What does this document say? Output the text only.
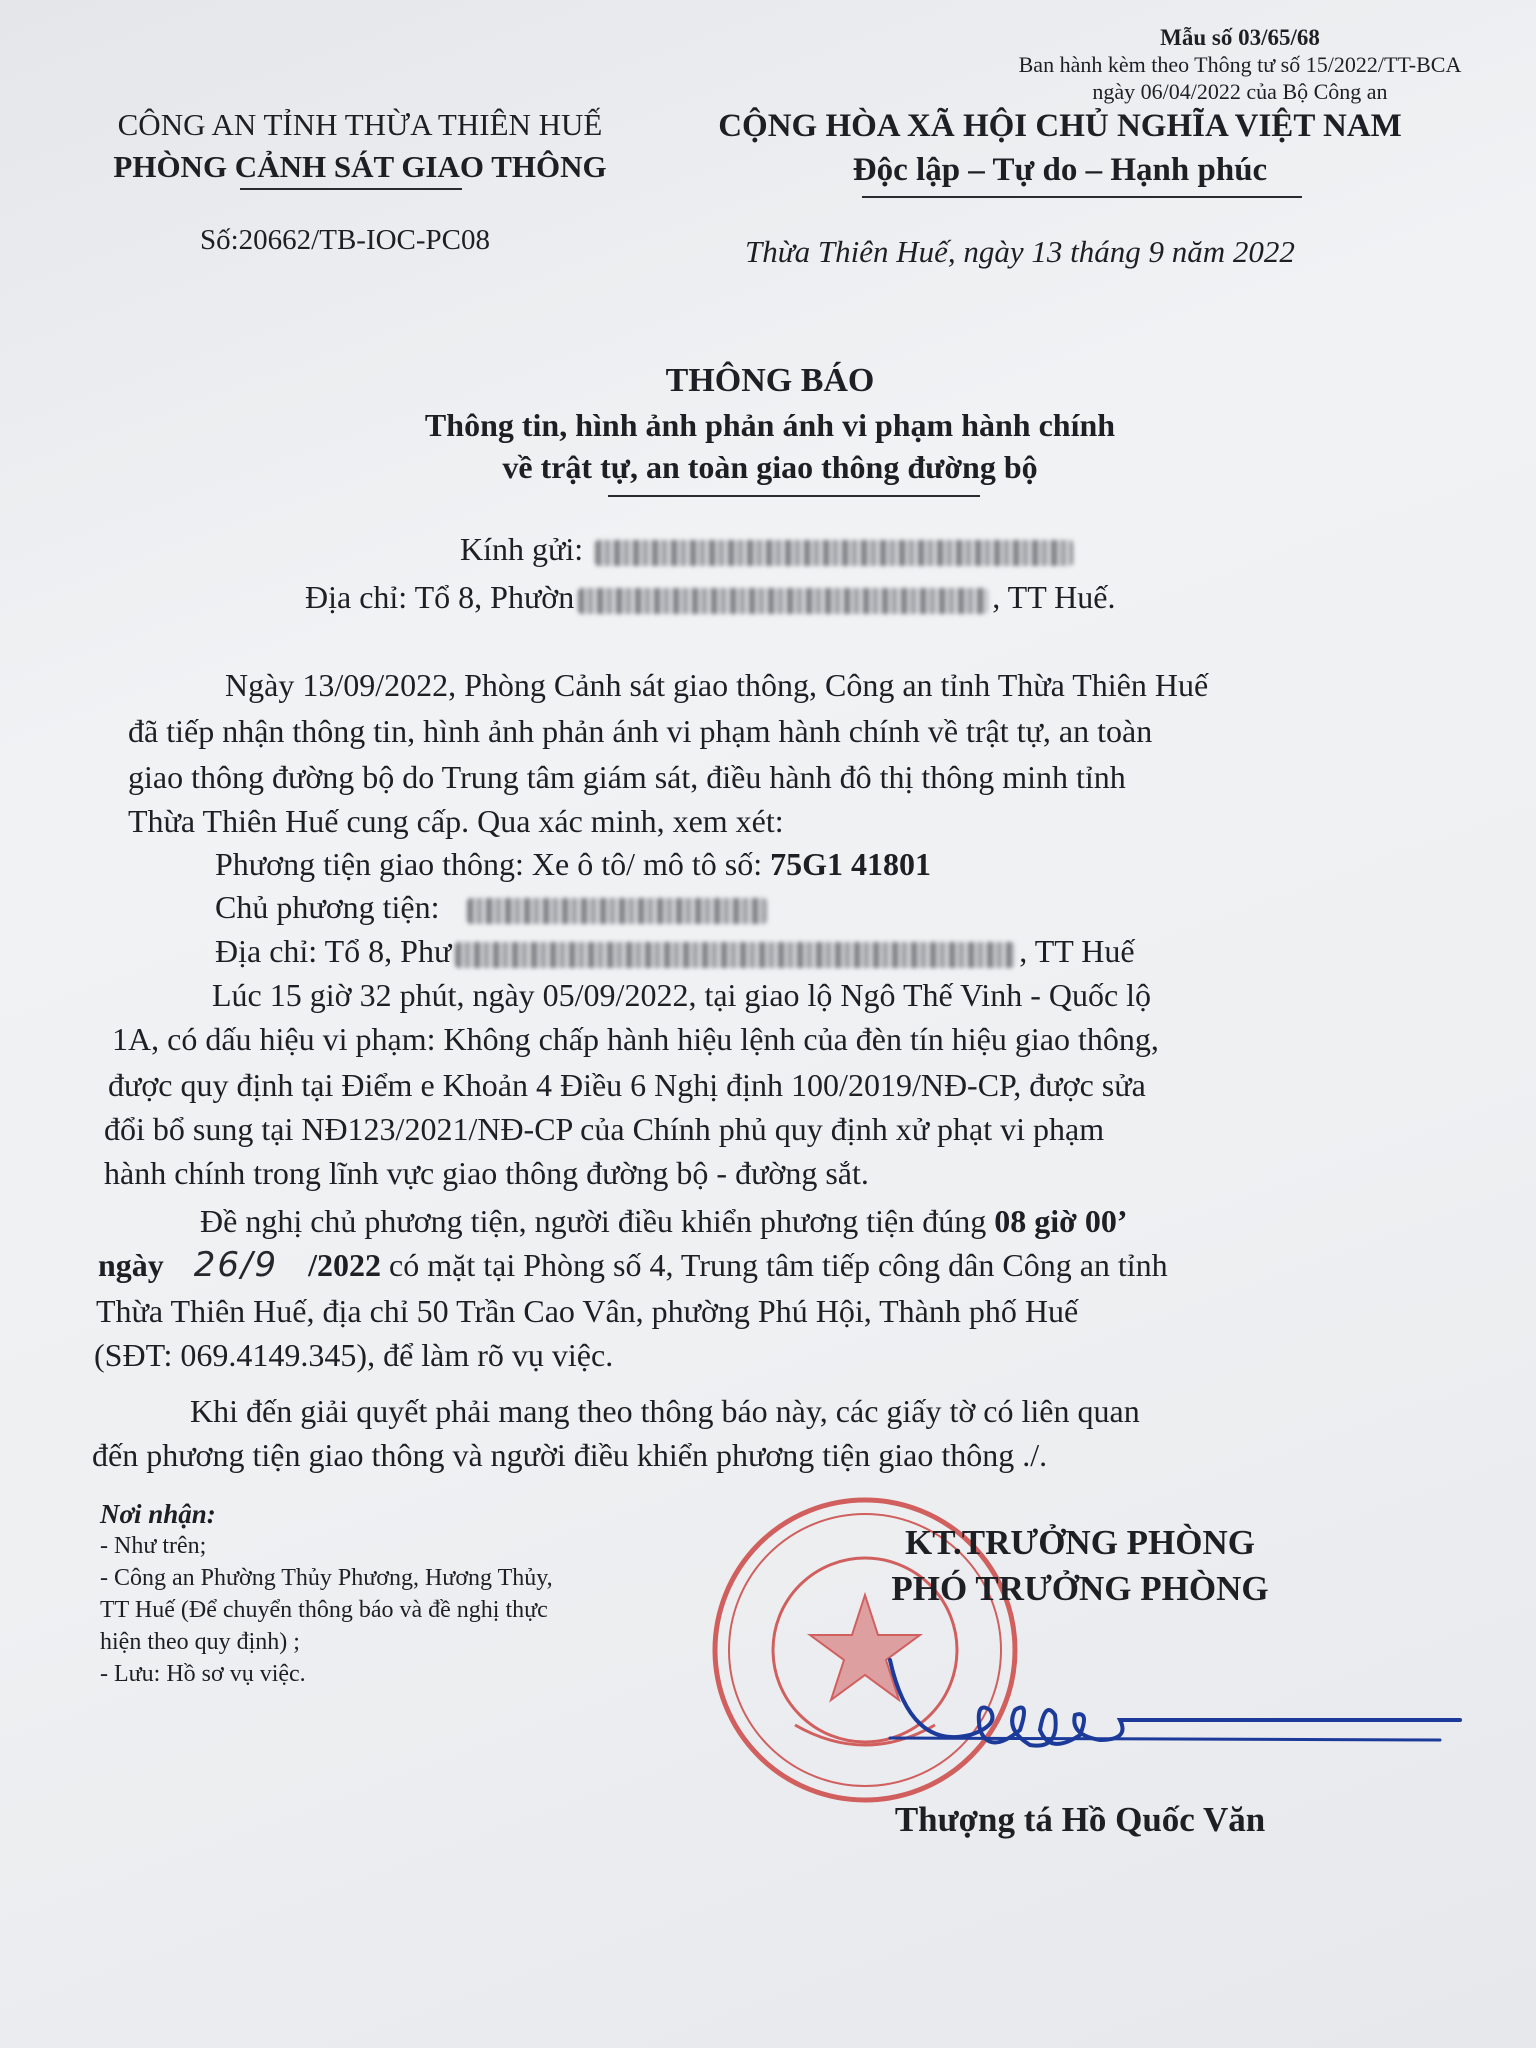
Mẫu số 03/65/68
Ban hành kèm theo Thông tư số 15/2022/TT-BCA
ngày 06/04/2022 của Bộ Công an
CÔNG AN TỈNH THỪA THIÊN HUẾ
PHÒNG CẢNH SÁT GIAO THÔNG
Số:20662/TB-IOC-PC08
CỘNG HÒA XÃ HỘI CHỦ NGHĨA VIỆT NAM
Độc lập – Tự do – Hạnh phúc
Thừa Thiên Huế, ngày 13 tháng 9 năm 2022
THÔNG BÁO
Thông tin, hình ảnh phản ánh vi phạm hành chính
về trật tự, an toàn giao thông đường bộ
Kính gửi:
Địa chỉ: Tổ 8, Phườn	, TT Huế.
Ngày 13/09/2022, Phòng Cảnh sát giao thông, Công an tỉnh Thừa Thiên Huế
đã tiếp nhận thông tin, hình ảnh phản ánh vi phạm hành chính về trật tự, an toàn
giao thông đường bộ do Trung tâm giám sát, điều hành đô thị thông minh tỉnh
Thừa Thiên Huế cung cấp. Qua xác minh, xem xét:
Phương tiện giao thông: Xe ô tô/ mô tô số: 75G1 41801
Chủ phương tiện:
Địa chỉ: Tổ 8, Phư	, TT Huế
Lúc 15 giờ 32 phút, ngày 05/09/2022, tại giao lộ Ngô Thế Vinh - Quốc lộ
1A, có dấu hiệu vi phạm: Không chấp hành hiệu lệnh của đèn tín hiệu giao thông,
được quy định tại Điểm e Khoản 4 Điều 6 Nghị định 100/2019/NĐ-CP, được sửa
đổi bổ sung tại NĐ123/2021/NĐ-CP của Chính phủ quy định xử phạt vi phạm
hành chính trong lĩnh vực giao thông đường bộ - đường sắt.
Đề nghị chủ phương tiện, người điều khiển phương tiện đúng 08 giờ 00’
ngày 26/9 /2022 có mặt tại Phòng số 4, Trung tâm tiếp công dân Công an tỉnh
Thừa Thiên Huế, địa chỉ 50 Trần Cao Vân, phường Phú Hội, Thành phố Huế
(SĐT: 069.4149.345), để làm rõ vụ việc.
Khi đến giải quyết phải mang theo thông báo này, các giấy tờ có liên quan
đến phương tiện giao thông và người điều khiển phương tiện giao thông ./.
Nơi nhận:
- Như trên;
- Công an Phường Thủy Phương, Hương Thủy,
TT Huế (Để chuyển thông báo và đề nghị thực
hiện theo quy định) ;
- Lưu: Hồ sơ vụ việc.
KT.TRƯỞNG PHÒNG
PHÓ TRƯỞNG PHÒNG
Thượng tá Hồ Quốc Văn
